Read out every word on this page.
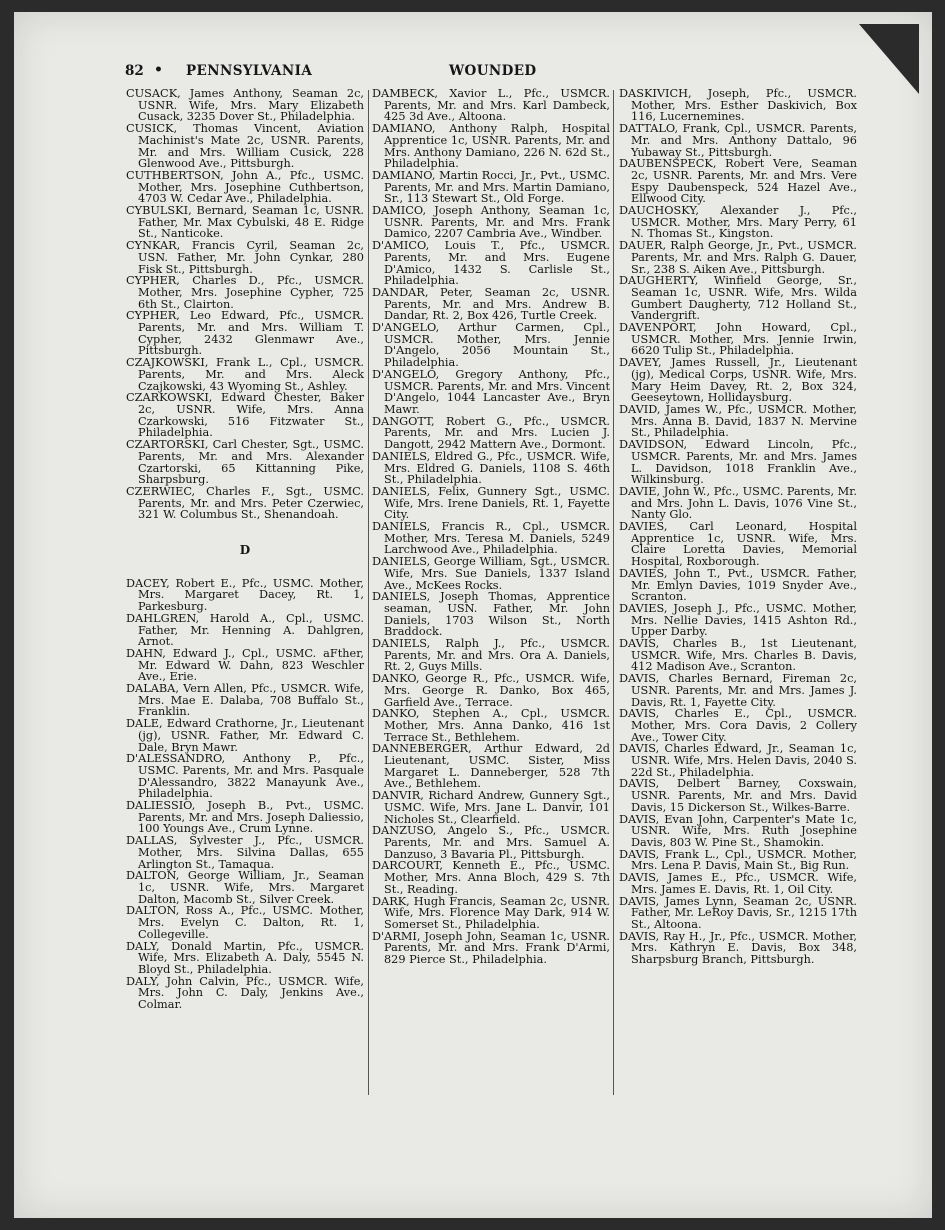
82 • PENNSYLVANIA	WOUNDED

CUSACK, James Anthony, Seaman 2c, USNR. Wife, Mrs. Mary Elizabeth Cusack, 3235 Dover St., Philadelphia.

CUSICK, Thomas Vincent, Aviation Machinist's Mate 2c, USNR. Parents, Mr. and Mrs. William Cusick, 228 Glenwood Ave., Pittsburgh.

CUTHBERTSON, John A., Pfc., USMC. Mother, Mrs. Josephine Cuthbertson, 4703 W. Cedar Ave., Philadelphia.

CYBULSKI, Bernard, Seaman 1c, USNR. Father, Mr. Max Cybulski, 48 E. Ridge St., Nanticoke.

CYNKAR, Francis Cyril, Seaman 2c, USN. Father, Mr. John Cynkar, 280 Fisk St., Pittsburgh.

CYPHER, Charles D., Pfc., USMCR. Mother, Mrs. Josephine Cypher, 725 6th St., Clairton.

CYPHER, Leo Edward, Pfc., USMCR. Parents, Mr. and Mrs. William T. Cypher, 2432 Glenmawr Ave., Pittsburgh.

CZAJKOWSKI, Frank L., Cpl., USMCR. Parents, Mr. and Mrs. Aleck Czajkowski, 43 Wyoming St., Ashley.

CZARKOWSKI, Edward Chester, Baker 2c, USNR. Wife, Mrs. Anna Czarkowski, 516 Fitzwater St., Philadelphia.

CZARTORSKI, Carl Chester, Sgt., USMC. Parents, Mr. and Mrs. Alexander Czartorski, 65 Kittanning Pike, Sharpsburg.

CZERWIEC, Charles F., Sgt., USMC. Parents, Mr. and Mrs. Peter Czerwiec, 321 W. Columbus St., Shenandoah.

D

DACEY, Robert E., Pfc., USMC. Mother, Mrs. Margaret Dacey, Rt. 1, Parkesburg.

DAHLGREN, Harold A., Cpl., USMC. Father, Mr. Henning A. Dahlgren, Arnot.

DAHN, Edward J., Cpl., USMC. aFther, Mr. Edward W. Dahn, 823 Weschler Ave., Erie.

DALABA, Vern Allen, Pfc., USMCR. Wife, Mrs. Mae E. Dalaba, 708 Buffalo St., Franklin.

DALE, Edward Crathorne, Jr., Lieutenant (jg), USNR. Father, Mr. Edward C. Dale, Bryn Mawr.

D'ALESSANDRO, Anthony P., Pfc., USMC. Parents, Mr. and Mrs. Pasquale D'Alessandro, 3822 Manayunk Ave., Philadelphia.

DALIESSIO, Joseph B., Pvt., USMC. Parents, Mr. and Mrs. Joseph Daliessio, 100 Youngs Ave., Crum Lynne.

DALLAS, Sylvester J., Pfc., USMCR. Mother, Mrs. Silvina Dallas, 655 Arlington St., Tamaqua.

DALTON, George William, Jr., Seaman 1c, USNR. Wife, Mrs. Margaret Dalton, Macomb St., Silver Creek.

DALTON, Ross A., Pfc., USMC. Mother, Mrs. Evelyn C. Dalton, Rt. 1, Collegeville.

DALY, Donald Martin, Pfc., USMCR. Wife, Mrs. Elizabeth A. Daly, 5545 N. Bloyd St., Philadelphia.

DALY, John Calvin, Pfc., USMCR. Wife, Mrs. John C. Daly, Jenkins Ave., Colmar.

DAMBECK, Xavior L., Pfc., USMCR. Parents, Mr. and Mrs. Karl Dambeck, 425 3d Ave., Altoona.

DAMIANO, Anthony Ralph, Hospital Apprentice 1c, USNR. Parents, Mr. and Mrs. Anthony Damiano, 226 N. 62d St., Philadelphia.

DAMIANO, Martin Rocci, Jr., Pvt., USMC. Parents, Mr. and Mrs. Martin Damiano, Sr., 113 Stewart St., Old Forge.

DAMICO, Joseph Anthony, Seaman 1c, USNR. Parents, Mr. and Mrs. Frank Damico, 2207 Cambria Ave., Windber.

D'AMICO, Louis T., Pfc., USMCR. Parents, Mr. and Mrs. Eugene D'Amico, 1432 S. Carlisle St., Philadelphia.

DANDAR, Peter, Seaman 2c, USNR. Parents, Mr. and Mrs. Andrew B. Dandar, Rt. 2, Box 426, Turtle Creek.

D'ANGELO, Arthur Carmen, Cpl., USMCR. Mother, Mrs. Jennie D'Angelo, 2056 Mountain St., Philadelphia.

D'ANGELO, Gregory Anthony, Pfc., USMCR. Parents, Mr. and Mrs. Vincent D'Angelo, 1044 Lancaster Ave., Bryn Mawr.

DANGOTT, Robert G., Pfc., USMCR. Parents, Mr. and Mrs. Lucien J. Dangott, 2942 Mattern Ave., Dormont.

DANIELS, Eldred G., Pfc., USMCR. Wife, Mrs. Eldred G. Daniels, 1108 S. 46th St., Philadelphia.

DANIELS, Felix, Gunnery Sgt., USMC. Wife, Mrs. Irene Daniels, Rt. 1, Fayette City.

DANIELS, Francis R., Cpl., USMCR. Mother, Mrs. Teresa M. Daniels, 5249 Larchwood Ave., Philadelphia.

DANIELS, George William, Sgt., USMCR. Wife, Mrs. Sue Daniels, 1337 Island Ave., McKees Rocks.

DANIELS, Joseph Thomas, Apprentice seaman, USN. Father, Mr. John Daniels, 1703 Wilson St., North Braddock.

DANIELS, Ralph J., Pfc., USMCR. Parents, Mr. and Mrs. Ora A. Daniels, Rt. 2, Guys Mills.

DANKO, George R., Pfc., USMCR. Wife, Mrs. George R. Danko, Box 465, Garfield Ave., Terrace.

DANKO, Stephen A., Cpl., USMCR. Mother, Mrs. Anna Danko, 416 1st Terrace St., Bethlehem.

DANNEBERGER, Arthur Edward, 2d Lieutenant, USMC. Sister, Miss Margaret L. Danneberger, 528 7th Ave., Bethlehem.

DANVIR, Richard Andrew, Gunnery Sgt., USMC. Wife, Mrs. Jane L. Danvir, 101 Nicholes St., Clearfield.

DANZUSO, Angelo S., Pfc., USMCR. Parents, Mr. and Mrs. Samuel A. Danzuso, 3 Bavaria Pl., Pittsburgh.

DARCOURT, Kenneth E., Pfc., USMC. Mother, Mrs. Anna Bloch, 429 S. 7th St., Reading.

DARK, Hugh Francis, Seaman 2c, USNR. Wife, Mrs. Florence May Dark, 914 W. Somerset St., Philadelphia.

D'ARMI, Joseph John, Seaman 1c, USNR. Parents, Mr. and Mrs. Frank D'Armi, 829 Pierce St., Philadelphia.

DASKIVICH, Joseph, Pfc., USMCR. Mother, Mrs. Esther Daskivich, Box 116, Lucernemines.

DATTALO, Frank, Cpl., USMCR. Parents, Mr. and Mrs. Anthony Dattalo, 96 Yubaway St., Pittsburgh.

DAUBENSPECK, Robert Vere, Seaman 2c, USNR. Parents, Mr. and Mrs. Vere Espy Daubenspeck, 524 Hazel Ave., Ellwood City.

DAUCHOSKY, Alexander J., Pfc., USMCR. Mother, Mrs. Mary Perry, 61 N. Thomas St., Kingston.

DAUER, Ralph George, Jr., Pvt., USMCR. Parents, Mr. and Mrs. Ralph G. Dauer, Sr., 238 S. Aiken Ave., Pittsburgh.

DAUGHERTY, Winfield George, Sr., Seaman 1c, USNR. Wife, Mrs. Wilda Gumbert Daugherty, 712 Holland St., Vandergrift.

DAVENPORT, John Howard, Cpl., USMCR. Mother, Mrs. Jennie Irwin, 6620 Tulip St., Philadelphia.

DAVEY, James Russell, Jr., Lieutenant (jg), Medical Corps, USNR. Wife, Mrs. Mary Heim Davey, Rt. 2, Box 324, Geeseytown, Hollidaysburg.

DAVID, James W., Pfc., USMCR. Mother, Mrs. Anna B. David, 1837 N. Mervine St., Philadelphia.

DAVIDSON, Edward Lincoln, Pfc., USMCR. Parents, Mr. and Mrs. James L. Davidson, 1018 Franklin Ave., Wilkinsburg.

DAVIE, John W., Pfc., USMC. Parents, Mr. and Mrs. John L. Davis, 1076 Vine St., Nanty Glo.

DAVIES, Carl Leonard, Hospital Apprentice 1c, USNR. Wife, Mrs. Claire Loretta Davies, Memorial Hospital, Roxborough.

DAVIES, John T., Pvt., USMCR. Father, Mr. Emlyn Davies, 1019 Snyder Ave., Scranton.

DAVIES, Joseph J., Pfc., USMC. Mother, Mrs. Nellie Davies, 1415 Ashton Rd., Upper Darby.

DAVIS, Charles B., 1st Lieutenant, USMCR. Wife, Mrs. Charles B. Davis, 412 Madison Ave., Scranton.

DAVIS, Charles Bernard, Fireman 2c, USNR. Parents, Mr. and Mrs. James J. Davis, Rt. 1, Fayette City.

DAVIS, Charles E., Cpl., USMCR. Mother, Mrs. Cora Davis, 2 Collery Ave., Tower City.

DAVIS, Charles Edward, Jr., Seaman 1c, USNR. Wife, Mrs. Helen Davis, 2040 S. 22d St., Philadelphia.

DAVIS, Delbert Barney, Coxswain, USNR. Parents, Mr. and Mrs. David Davis, 15 Dickerson St., Wilkes-Barre.

DAVIS, Evan John, Carpenter's Mate 1c, USNR. Wife, Mrs. Ruth Josephine Davis, 803 W. Pine St., Shamokin.

DAVIS, Frank L., Cpl., USMCR. Mother, Mrs. Lena P. Davis, Main St., Big Run.

DAVIS, James E., Pfc., USMCR. Wife, Mrs. James E. Davis, Rt. 1, Oil City.

DAVIS, James Lynn, Seaman 2c, USNR. Father, Mr. LeRoy Davis, Sr., 1215 17th St., Altoona.

DAVIS, Ray H., Jr., Pfc., USMCR. Mother, Mrs. Kathryn E. Davis, Box 348, Sharpsburg Branch, Pittsburgh.
